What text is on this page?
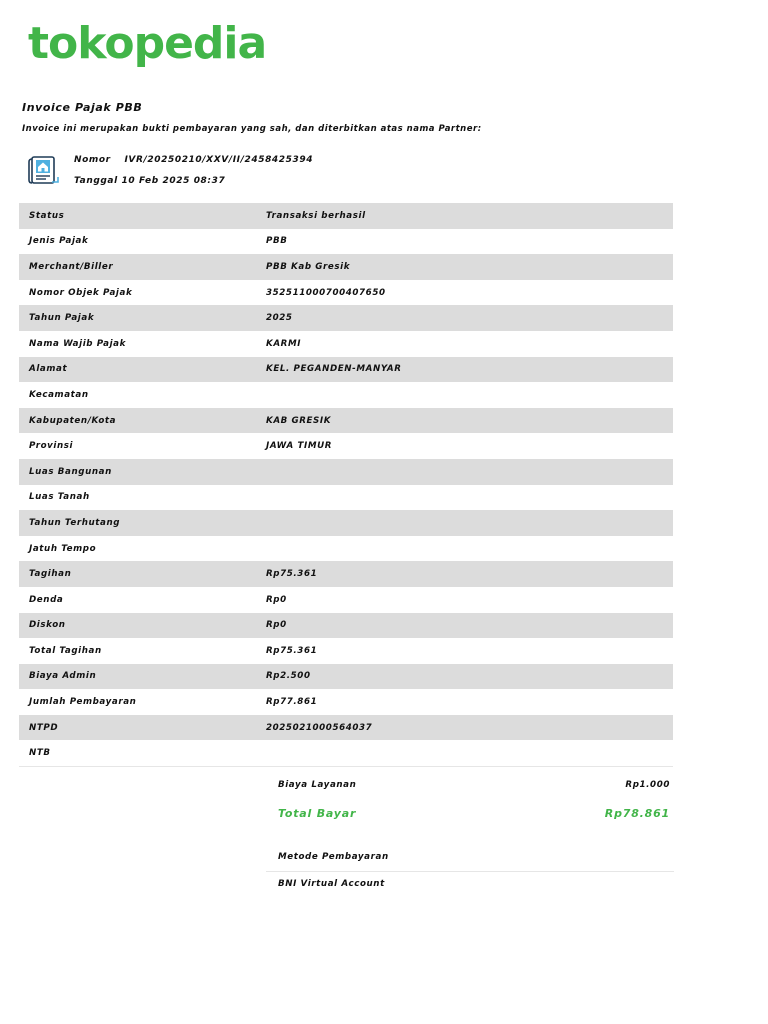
tokopedia
Invoice Pajak PBB
Invoice ini merupakan bukti pembayaran yang sah, dan diterbitkan atas nama Partner:
Nomor IVR/20250210/XXV/II/2458425394
Tanggal 10 Feb 2025 08:37
Status	Transaksi berhasil
Jenis Pajak	PBB
Merchant/Biller	PBB Kab Gresik
Nomor Objek Pajak	352511000700407650
Tahun Pajak	2025
Nama Wajib Pajak	KARMI
Alamat	KEL. PEGANDEN-MANYAR
Kecamatan
Kabupaten/Kota	KAB GRESIK
Provinsi	JAWA TIMUR
Luas Bangunan
Luas Tanah
Tahun Terhutang
Jatuh Tempo
Tagihan	Rp75.361
Denda	Rp0
Diskon	Rp0
Total Tagihan	Rp75.361
Biaya Admin	Rp2.500
Jumlah Pembayaran	Rp77.861
NTPD	2025021000564037
NTB
Biaya Layanan	Rp1.000
Total Bayar	Rp78.861
Metode Pembayaran
BNI Virtual Account
